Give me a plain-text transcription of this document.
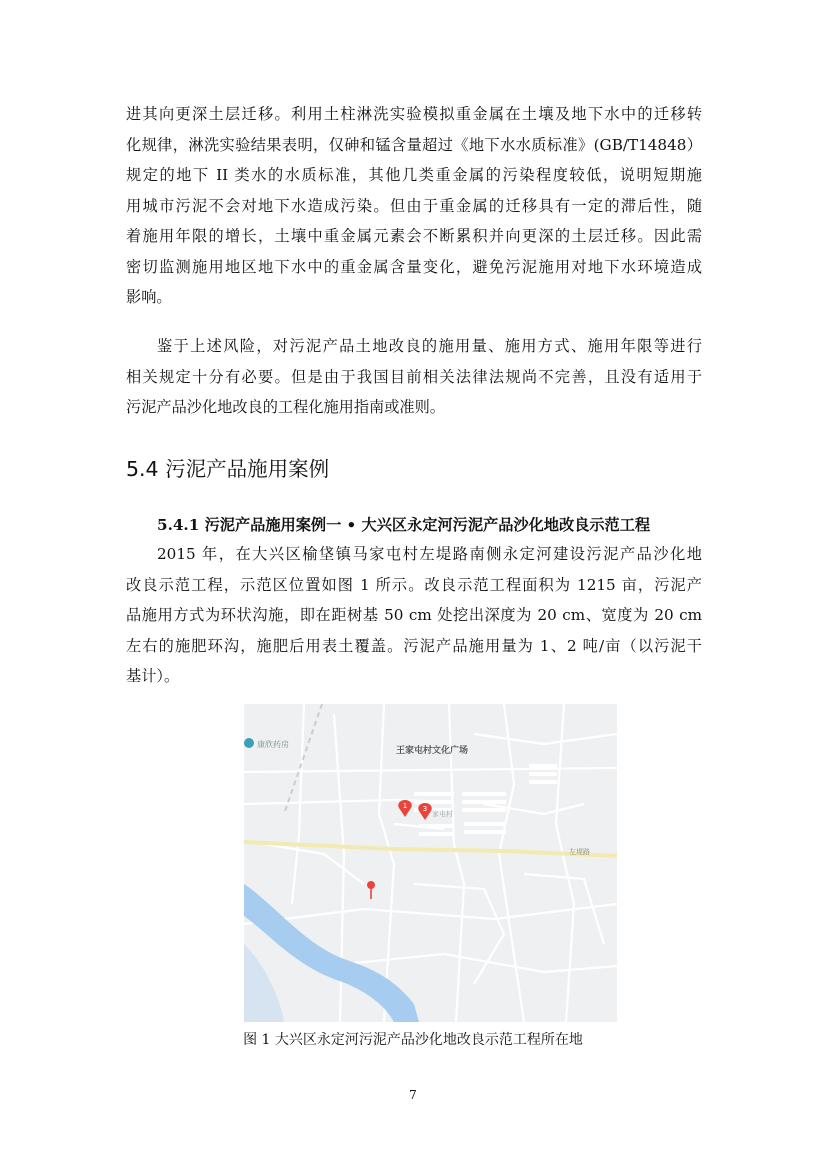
进其向更深土层迁移。利用土柱淋洗实验模拟重金属在土壤及地下水中的迁移转
化规律，淋洗实验结果表明，仅砷和锰含量超过《地下水水质标准》(GB/T14848）
规定的地下 II 类水的水质标准，其他几类重金属的污染程度较低，说明短期施
用城市污泥不会对地下水造成污染。但由于重金属的迁移具有一定的滞后性，随
着施用年限的增长，土壤中重金属元素会不断累积并向更深的土层迁移。因此需
密切监测施用地区地下水中的重金属含量变化，避免污泥施用对地下水环境造成
影响。
鉴于上述风险，对污泥产品土地改良的施用量、施用方式、施用年限等进行
相关规定十分有必要。但是由于我国目前相关法律法规尚不完善，且没有适用于
污泥产品沙化地改良的工程化施用指南或准则。
5.4 污泥产品施用案例
5.4.1 污泥产品施用案例一 • 大兴区永定河污泥产品沙化地改良示范工程
2015 年，在大兴区榆垡镇马家屯村左堤路南侧永定河建设污泥产品沙化地
改良示范工程，示范区位置如图 1 所示。改良示范工程面积为 1215 亩，污泥产
品施用方式为环状沟施，即在距树基 50 cm 处挖出深度为 20 cm、宽度为 20 cm
左右的施肥环沟，施肥后用表土覆盖。污泥产品施用量为 1、2 吨/亩（以污泥干
基计）。
康欣药房
王家屯村文化广场
家屯村
左堤路
1 3
图 1 大兴区永定河污泥产品沙化地改良示范工程所在地
7
